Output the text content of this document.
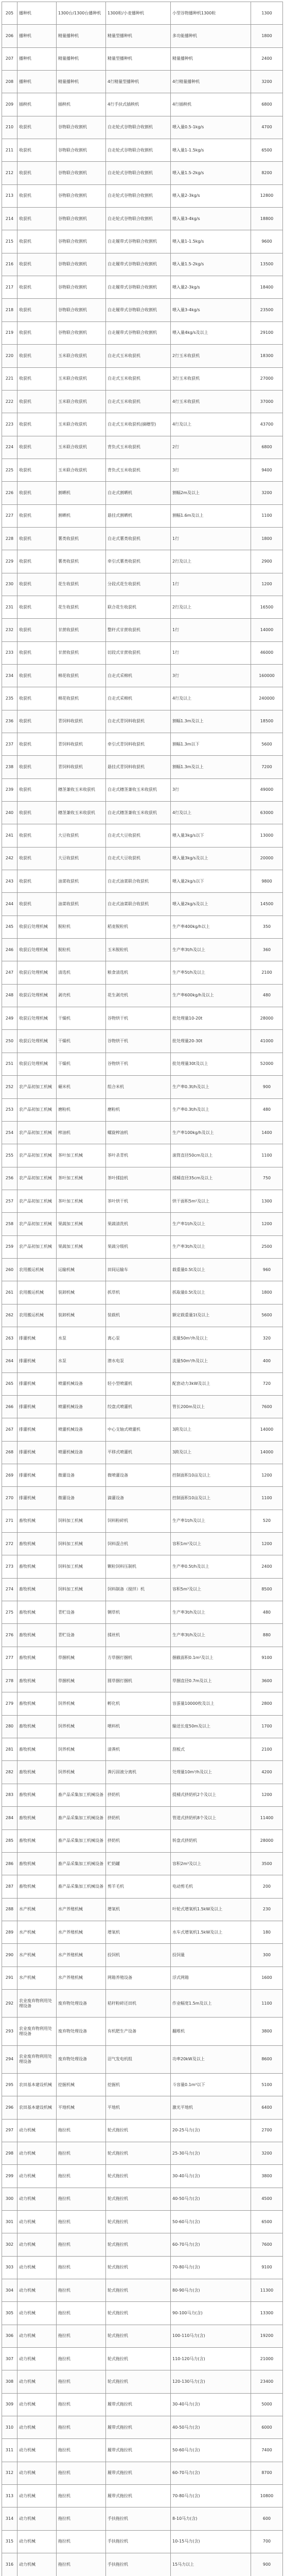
205	播种机	1300台/1300台播种机	1300粒/小麦播种机	小型谷物播种机1300粒	1300
206	播种机	精量播种机	精量型播种机	多功能播种机	1800
207	播种机	精量播种机	精量型播种机	精量播种机	2400
208	播种机	精量播种机	4行精量型播种机	4行精量播种机	3200
209	插秧机	插秧机	4行手扶式插秧机	4行插秧机	6800
210	收获机	谷物联合收割机	自走轮式谷物联合收割机	喂入量0.5-1kg/s	4700
211	收获机	谷物联合收割机	自走轮式谷物联合收割机	喂入量1-1.5kg/s	6500
212	收获机	谷物联合收割机	自走轮式谷物联合收割机	喂入量1.5-2kg/s	8200
213	收获机	谷物联合收割机	自走轮式谷物联合收割机	喂入量2-3kg/s	12800
214	收获机	谷物联合收割机	自走轮式谷物联合收割机	喂入量3-4kg/s	18800
215	收获机	谷物联合收割机	自走履带式谷物联合收割机	喂入量1-1.5kg/s	9600
216	收获机	谷物联合收割机	自走履带式谷物联合收割机	喂入量1.5-2kg/s	13500
217	收获机	谷物联合收割机	自走履带式谷物联合收割机	喂入量2-3kg/s	18400
218	收获机	谷物联合收割机	自走履带式谷物联合收割机	喂入量3-4kg/s	23500
219	收获机	谷物联合收割机	自走履带式谷物联合收割机	喂入量4kg/s及以上	29100
220	收获机	玉米联合收获机	自走式玉米收获机	2行玉米收获机	18300
221	收获机	玉米联合收获机	自走式玉米收获机	3行玉米收获机	27000
222	收获机	玉米联合收获机	自走式玉米收获机	4行玉米收获机	37000
223	收获机	玉米联合收获机	自走式玉米收获机(摘穗型)	4行及以上	43700
224	收获机	玉米联合收获机	背负式玉米收获机	2行	6800
225	收获机	玉米联合收获机	背负式玉米收获机	3行	9400
226	收获机	割晒机	自走式割晒机	割幅2m及以上	3200
227	收获机	割晒机	悬挂式割晒机	割幅1.6m及以上	1100
228	收获机	薯类收获机	自走式薯类收获机	1行	1800
229	收获机	薯类收获机	牵引式薯类收获机	2行及以上	2900
230	收获机	花生收获机	分段式花生收获机	1行	1200
231	收获机	花生收获机	联合花生收获机	2行及以上	16500
232	收获机	甘蔗收获机	整秆式甘蔗收获机	1行	14000
233	收获机	甘蔗收获机	切段式甘蔗收获机	1行	46000
234	收获机	棉花收获机	自走式采棉机	3行	160000
235	收获机	棉花收获机	自走式采棉机	4行及以上	240000
236	收获机	青饲料收获机	自走式青饲料收获机	割幅1.3m及以上	18500
237	收获机	青饲料收获机	牵引式青饲料收获机	割幅1.3m以下	5600
238	收获机	青饲料收获机	悬挂式青饲料收获机	割幅1.3m及以上	7200
239	收获机	穗茎兼收玉米收获机	自走式穗茎兼收玉米收获机	3行	49000
240	收获机	穗茎兼收玉米收获机	自走式穗茎兼收玉米收获机	4行及以上	63000
241	收获机	大豆收获机	自走式大豆收获机	喂入量3kg/s以下	13000
242	收获机	大豆收获机	自走式大豆收获机	喂入量3kg/s及以上	20000
243	收获机	油菜收获机	自走式油菜联合收获机	喂入量2kg/s以下	9800
244	收获机	油菜收获机	自走式油菜联合收获机	喂入量2kg/s及以上	14500
245	收获后处理机械	脱粒机	稻麦脱粒机	生产率400kg/h以上	350
246	收获后处理机械	脱粒机	玉米脱粒机	生产率3t/h及以上	360
247	收获后处理机械	清选机	粮食清选机	生产率5t/h及以上	2100
248	收获后处理机械	剥壳机	花生剥壳机	生产率600kg/h及以上	480
249	收获后处理机械	干燥机	谷物烘干机	批处理量10-20t	28000
250	收获后处理机械	干燥机	谷物烘干机	批处理量20-30t	41000
251	收获后处理机械	干燥机	谷物烘干机	批处理量30t及以上	52000
252	农产品初加工机械	碾米机	组合米机	生产率0.3t/h及以上	900
253	农产品初加工机械	磨粉机	磨粉机	生产率0.3t/h及以上	480
254	农产品初加工机械	榨油机	螺旋榨油机	生产率100kg/h及以上	1400
255	农产品初加工机械	茶叶加工机械	茶叶杀青机	滚筒直径50cm及以上	1100
256	农产品初加工机械	茶叶加工机械	茶叶揉捻机	揉桶直径35cm及以上	750
257	农产品初加工机械	茶叶加工机械	茶叶烘干机	烘干面积5m²及以上	1300
258	农产品初加工机械	果蔬加工机械	果蔬清洗机	生产率1t/h及以上	1200
259	农产品初加工机械	果蔬加工机械	果蔬分级机	生产率3t/h及以上	2500
260	农用搬运机械	运输机械	田间运输车	载重量0.5t及以上	960
261	农用搬运机械	装卸机械	抓草机	抓取量0.5t及以上	1800
262	农用搬运机械	装卸机械	装载机	额定载重量1t及以上	5600
263	排灌机械	水泵	离心泵	流量50m³/h及以上	320
264	排灌机械	水泵	潜水电泵	流量50m³/h及以上	400
265	排灌机械	喷灌机械设备	轻小型喷灌机	配套动力3kW及以上	720
266	排灌机械	喷灌机械设备	绞盘式喷灌机	管长200m及以上	7600
267	排灌机械	喷灌机械设备	中心支轴式喷灌机	3跨及以上	14000
268	排灌机械	喷灌机械设备	平移式喷灌机	3跨及以上	14000
269	排灌机械	微灌设备	微喷灌设备	控制面积10亩及以上	1200
270	排灌机械	微灌设备	滴灌设备	控制面积10亩及以上	1100
271	畜牧机械	饲料加工机械	饲料粉碎机	生产率1t/h及以上	520
272	畜牧机械	饲料加工机械	饲料混合机	容积1m³及以上	1200
273	畜牧机械	饲料加工机械	颗粒饲料压制机	生产率0.5t/h及以上	2400
274	畜牧机械	饲料加工机械	饲料制备（搅拌）机	容积5m³及以上	8500
275	畜牧机械	青贮设备	铡草机	生产率3t/h及以上	480
276	畜牧机械	青贮设备	揉丝机	生产率3t/h及以上	880
277	畜牧机械	草捆机械	方草捆打捆机	捆截面积0.1m²及以上	9100
278	畜牧机械	草捆机械	圆草捆打捆机	草捆直径0.7m及以上	3600
279	畜牧机械	饲养机械	孵化机	容蛋量10000枚及以上	2800
280	畜牧机械	饲养机械	喂料机	输送长度50m及以上	1700
281	畜牧机械	饲养机械	清粪机	刮板式	2100
282	畜牧机械	饲养机械	粪污固液分离机	处理量10m³/h及以上	4200
283	畜牧机械	畜产品采集加工机械设备	挤奶机	提桶式挤奶机2个及以上	1200
284	畜牧机械	畜产品采集加工机械设备	挤奶机	管道式挤奶机8个及以上	11400
285	畜牧机械	畜产品采集加工机械设备	挤奶机	转盘式挤奶机	28000
286	畜牧机械	畜产品采集加工机械设备	贮奶罐	容积2m³及以上	3500
287	畜牧机械	畜产品采集加工机械设备	剪羊毛机	电动剪毛机	200
288	水产机械	水产养殖机械	增氧机	叶轮式增氧机1.5kW及以上	230
289	水产机械	水产养殖机械	增氧机	水车式增氧机1.5kW及以上	180
290	水产机械	水产养殖机械	投饲机	投饲量	300
291	水产机械	水产养殖机械	网箱养殖设备	浮式网箱	1600
292	农业废弃物利用处理设备	废弃物处理设备	秸秆粉碎还田机	作业幅宽1.5m及以上	1100
293	农业废弃物利用处理设备	废弃物处理设备	有机肥生产设备	翻堆机	3800
294	农业废弃物利用处理设备	废弃物处理设备	沼气发电机组	功率20kW及以上	8600
295	农田基本建设机械	挖掘机械	挖掘机	斗容量0.1m³以下	5100
296	农田基本建设机械	平地机械	平地机	激光平地机	6400
297	动力机械	拖拉机	轮式拖拉机	20-25马力(含)	2700
298	动力机械	拖拉机	轮式拖拉机	25-30马力(含)	3200
299	动力机械	拖拉机	轮式拖拉机	30-40马力(含)	3800
300	动力机械	拖拉机	轮式拖拉机	40-50马力(含)	4500
301	动力机械	拖拉机	轮式拖拉机	50-60马力(含)	6500
302	动力机械	拖拉机	轮式拖拉机	60-70马力(含)	7600
303	动力机械	拖拉机	轮式拖拉机	70-80马力(含)	9100
304	动力机械	拖拉机	轮式拖拉机	80-90马力(含)	11300
305	动力机械	拖拉机	轮式拖拉机	90-100马力(含)	13300
306	动力机械	拖拉机	轮式拖拉机	100-110马力(含)	19200
307	动力机械	拖拉机	轮式拖拉机	110-120马力(含)	21000
308	动力机械	拖拉机	轮式拖拉机	120-130马力(含)	23400
309	动力机械	拖拉机	履带式拖拉机	30-40马力(含)	5000
310	动力机械	拖拉机	履带式拖拉机	40-50马力(含)	6000
311	动力机械	拖拉机	履带式拖拉机	50-60马力(含)	7400
312	动力机械	拖拉机	履带式拖拉机	60-70马力(含)	8700
313	动力机械	拖拉机	履带式拖拉机	70-80马力(含)	10800
314	动力机械	拖拉机	手扶拖拉机	8-10马力(含)	600
315	动力机械	拖拉机	手扶拖拉机	10-15马力(含)	700
316	动力机械	拖拉机	手扶拖拉机	15马力以上	900
